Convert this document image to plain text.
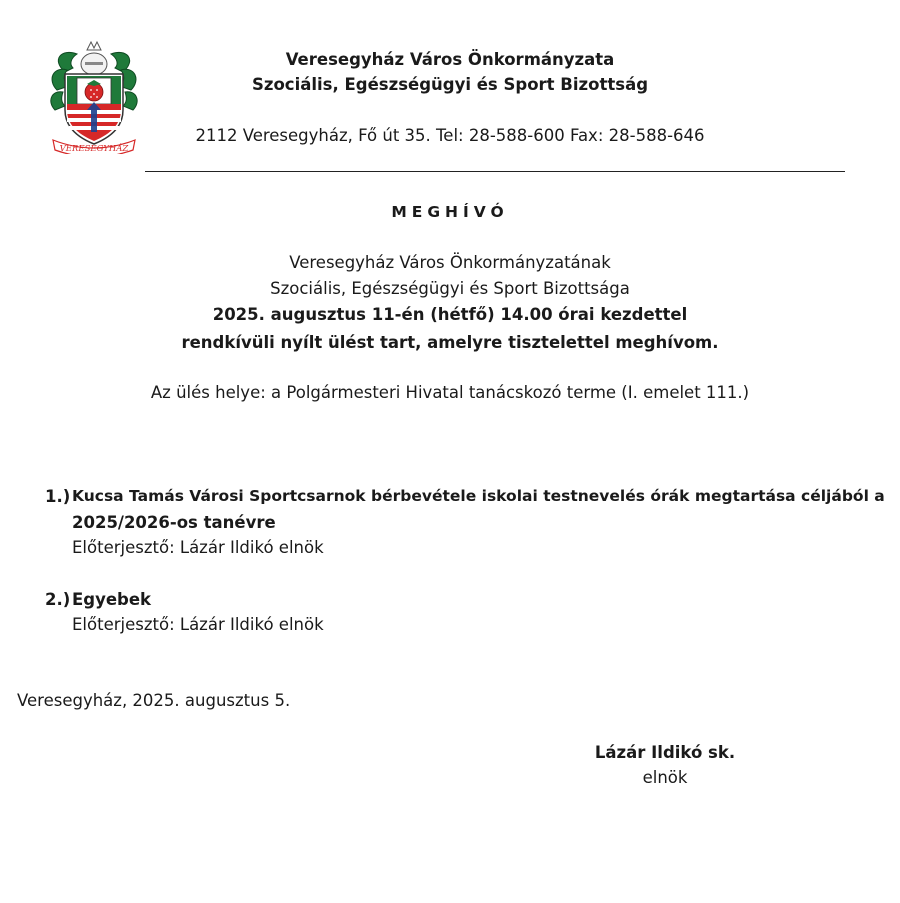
VERESEGYHÁZ
Veresegyház Város Önkormányzata
Szociális, Egészségügyi és Sport Bizottság
2112 Veresegyház, Fő út 35. Tel: 28-588-600 Fax: 28-588-646
MEGHÍVÓ
Veresegyház Város Önkormányzatának
Szociális, Egészségügyi és Sport Bizottsága
2025. augusztus 11-én (hétfő) 14.00 órai kezdettel
rendkívüli nyílt ülést tart, amelyre tisztelettel meghívom.
Az ülés helye: a Polgármesteri Hivatal tanácskozó terme (I. emelet 111.)
1.) Kucsa Tamás Városi Sportcsarnok bérbevétele iskolai testnevelés órák megtartása céljából a
2025/2026-os tanévre
Előterjesztő: Lázár Ildikó elnök
2.) Egyebek
Előterjesztő: Lázár Ildikó elnök
Veresegyház, 2025. augusztus 5.
Lázár Ildikó sk.
elnök
